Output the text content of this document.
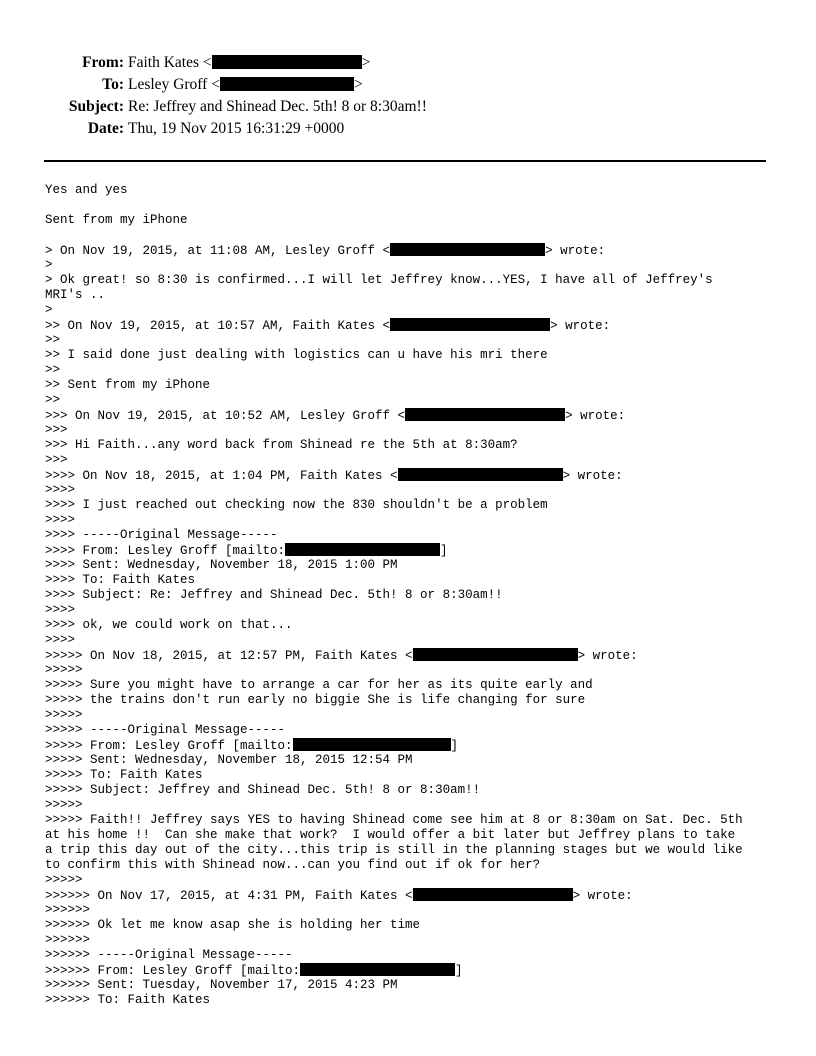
From: Faith Kates <	>
To: Lesley Groff <	>
Subject: Re: Jeffrey and Shinead Dec. 5th! 8 or 8:30am!!
Date: Thu, 19 Nov 2015 16:31:29 +0000
Yes and yes
Sent from my iPhone
> On Nov 19, 2015, at 11:08 AM, Lesley Groff <	> wrote:
>
> Ok great! so 8:30 is confirmed...I will let Jeffrey know...YES, I have all of Jeffrey's
MRI's ..
>
>> On Nov 19, 2015, at 10:57 AM, Faith Kates <	> wrote:
>>
>> I said done just dealing with logistics can u have his mri there
>>
>> Sent from my iPhone
>>
>>> On Nov 19, 2015, at 10:52 AM, Lesley Groff <	> wrote:
>>>
>>> Hi Faith...any word back from Shinead re the 5th at 8:30am?
>>>
>>>> On Nov 18, 2015, at 1:04 PM, Faith Kates <	> wrote:
>>>>
>>>> I just reached out checking now the 830 shouldn't be a problem
>>>>
>>>> -----Original Message-----
>>>> From: Lesley Groff [mailto:	]
>>>> Sent: Wednesday, November 18, 2015 1:00 PM
>>>> To: Faith Kates
>>>> Subject: Re: Jeffrey and Shinead Dec. 5th! 8 or 8:30am!!
>>>>
>>>> ok, we could work on that...
>>>>
>>>>> On Nov 18, 2015, at 12:57 PM, Faith Kates <	> wrote:
>>>>>
>>>>> Sure you might have to arrange a car for her as its quite early and
>>>>> the trains don't run early no biggie She is life changing for sure
>>>>>
>>>>> -----Original Message-----
>>>>> From: Lesley Groff [mailto:	]
>>>>> Sent: Wednesday, November 18, 2015 12:54 PM
>>>>> To: Faith Kates
>>>>> Subject: Jeffrey and Shinead Dec. 5th! 8 or 8:30am!!
>>>>>
>>>>> Faith!! Jeffrey says YES to having Shinead come see him at 8 or 8:30am on Sat. Dec. 5th
at his home !!  Can she make that work?  I would offer a bit later but Jeffrey plans to take
a trip this day out of the city...this trip is still in the planning stages but we would like
to confirm this with Shinead now...can you find out if ok for her?
>>>>>
>>>>>> On Nov 17, 2015, at 4:31 PM, Faith Kates <	> wrote:
>>>>>>
>>>>>> Ok let me know asap she is holding her time
>>>>>>
>>>>>> -----Original Message-----
>>>>>> From: Lesley Groff [mailto:	]
>>>>>> Sent: Tuesday, November 17, 2015 4:23 PM
>>>>>> To: Faith Kates
